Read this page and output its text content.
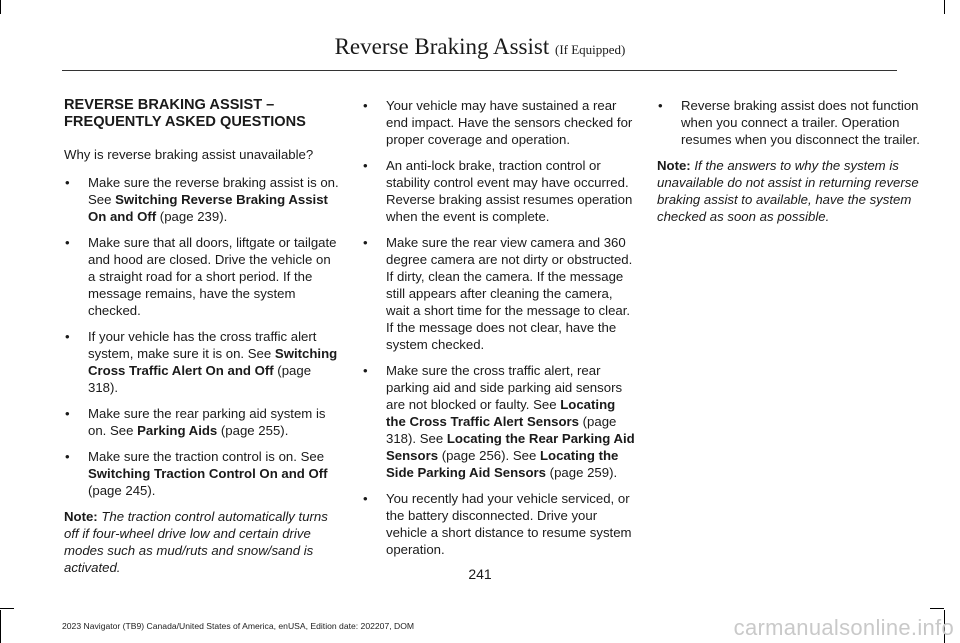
Reverse Braking Assist (If Equipped)
REVERSE BRAKING ASSIST –
FREQUENTLY ASKED QUESTIONS

Why is reverse braking assist unavailable?

• Make sure the reverse braking assist is on. See Switching Reverse Braking Assist On and Off (page 239).
• Make sure that all doors, liftgate or tailgate and hood are closed. Drive the vehicle on a straight road for a short period. If the message remains, have the system checked.
• If your vehicle has the cross traffic alert system, make sure it is on. See Switching Cross Traffic Alert On and Off (page 318).
• Make sure the rear parking aid system is on. See Parking Aids (page 255).
• Make sure the traction control is on. See Switching Traction Control On and Off (page 245).

Note: The traction control automatically turns off if four-wheel drive low and certain drive modes such as mud/ruts and snow/sand is activated.

• Your vehicle may have sustained a rear end impact. Have the sensors checked for proper coverage and operation.
• An anti-lock brake, traction control or stability control event may have occurred. Reverse braking assist resumes operation when the event is complete.
• Make sure the rear view camera and 360 degree camera are not dirty or obstructed. If dirty, clean the camera. If the message still appears after cleaning the camera, wait a short time for the message to clear. If the message does not clear, have the system checked.
• Make sure the cross traffic alert, rear parking aid and side parking aid sensors are not blocked or faulty. See Locating the Cross Traffic Alert Sensors (page 318). See Locating the Rear Parking Aid Sensors (page 256). See Locating the Side Parking Aid Sensors (page 259).
• You recently had your vehicle serviced, or the battery disconnected. Drive your vehicle a short distance to resume system operation.
• Reverse braking assist does not function when you connect a trailer. Operation resumes when you disconnect the trailer.

Note: If the answers to why the system is unavailable do not assist in returning reverse braking assist to available, have the system checked as soon as possible.

241
2023 Navigator (TB9) Canada/United States of America, enUSA, Edition date: 202207, DOM	carmanualsonline.info
